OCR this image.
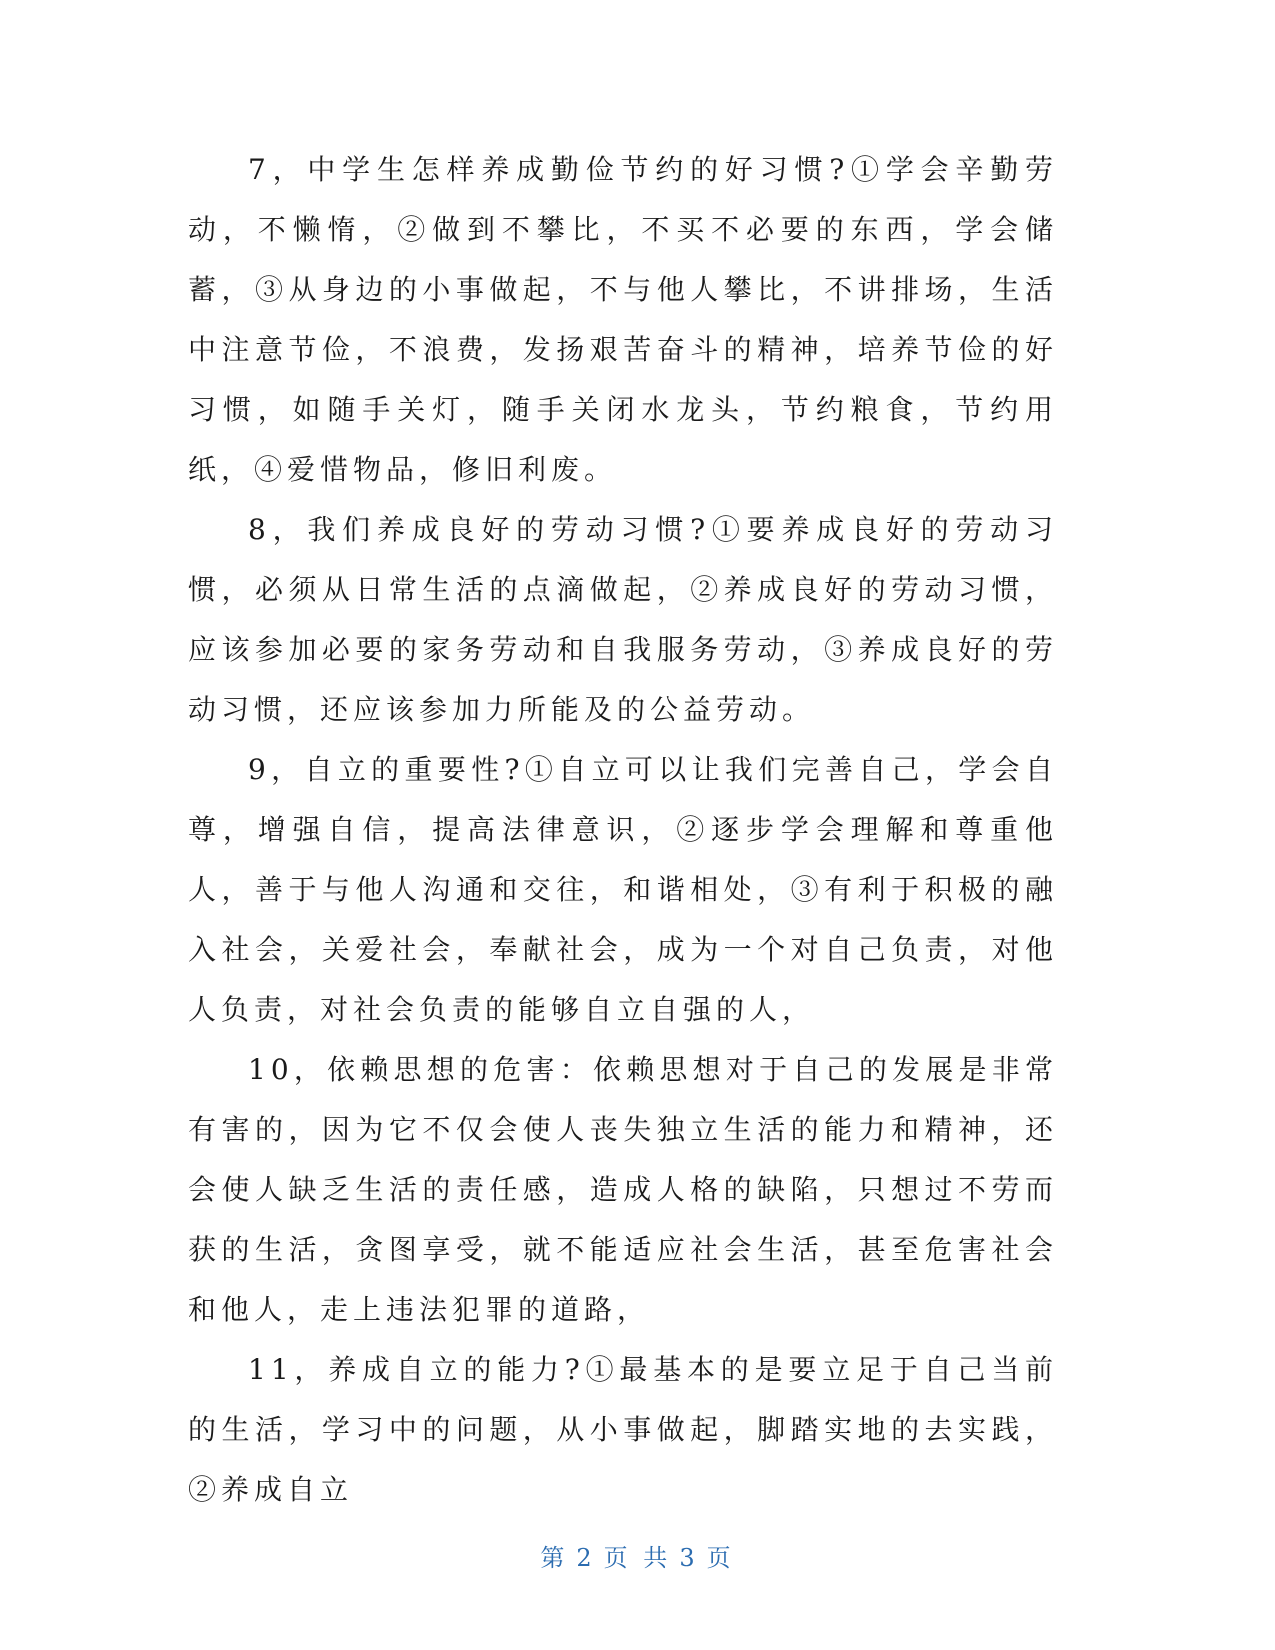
7，中学生怎样养成勤俭节约的好习惯?①学会辛勤劳动，不懒惰，②做到不攀比，不买不必要的东西，学会储蓄，③从身边的小事做起，不与他人攀比，不讲排场，生活中注意节俭，不浪费，发扬艰苦奋斗的精神，培养节俭的好习惯，如随手关灯，随手关闭水龙头，节约粮食，节约用纸，④爱惜物品，修旧利废。

8，我们养成良好的劳动习惯?①要养成良好的劳动习惯，必须从日常生活的点滴做起，②养成良好的劳动习惯，应该参加必要的家务劳动和自我服务劳动，③养成良好的劳动习惯，还应该参加力所能及的公益劳动。

9，自立的重要性?①自立可以让我们完善自己，学会自尊，增强自信，提高法律意识，②逐步学会理解和尊重他人，善于与他人沟通和交往，和谐相处，③有利于积极的融入社会，关爱社会，奉献社会，成为一个对自己负责，对他人负责，对社会负责的能够自立自强的人，

10，依赖思想的危害：依赖思想对于自己的发展是非常有害的，因为它不仅会使人丧失独立生活的能力和精神，还会使人缺乏生活的责任感，造成人格的缺陷，只想过不劳而获的生活，贪图享受，就不能适应社会生活，甚至危害社会和他人，走上违法犯罪的道路，

11，养成自立的能力?①最基本的是要立足于自己当前的生活，学习中的问题，从小事做起，脚踏实地的去实践，②养成自立

第 2 页 共 3 页
